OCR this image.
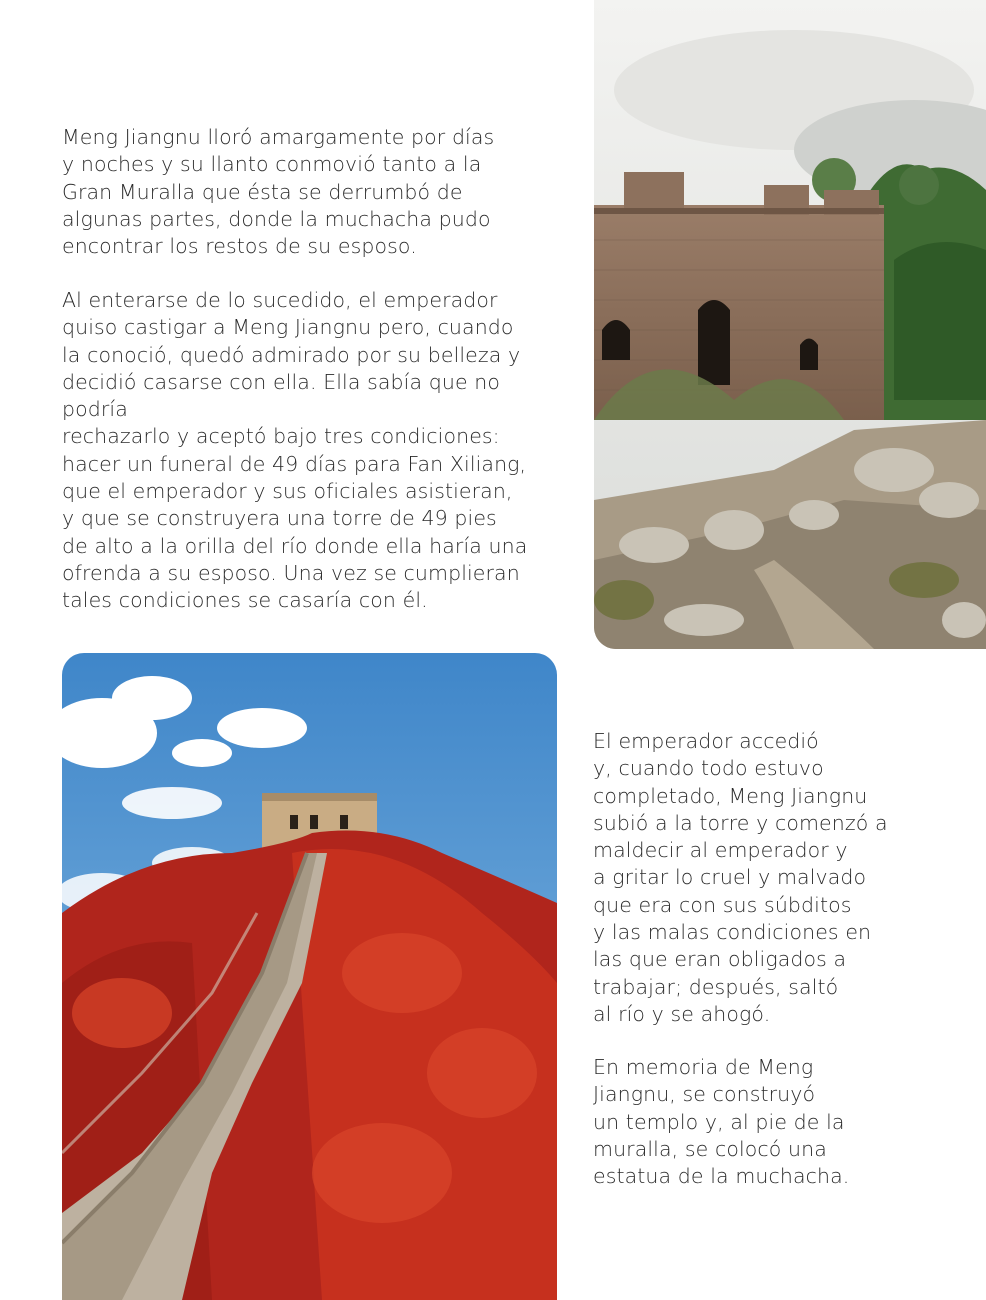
Meng Jiangnu lloró amargamente por días
y noches y su llanto conmovió tanto a la
Gran Muralla que ésta se derrumbó de
algunas partes, donde la muchacha pudo
encontrar los restos de su esposo.
Al enterarse de lo sucedido, el emperador
quiso castigar a Meng Jiangnu pero, cuando
la conoció, quedó admirado por su belleza y
decidió casarse con ella. Ella sabía que no podría
rechazarlo y aceptó bajo tres condiciones:
hacer un funeral de 49 días para Fan Xiliang,
que el emperador y sus oficiales asistieran,
y que se construyera una torre de 49 pies
de alto a la orilla del río donde ella haría una
ofrenda a su esposo. Una vez se cumplieran
tales condiciones se casaría con él.
El emperador accedió
y, cuando todo estuvo
completado, Meng Jiangnu
subió a la torre y comenzó a
maldecir al emperador y
a gritar lo cruel y malvado
que era con sus súbditos
y las malas condiciones en
las que eran obligados a
trabajar; después, saltó
al río y se ahogó.
En memoria de Meng
Jiangnu, se construyó
un templo y, al pie de la
muralla, se colocó una
estatua de la muchacha.
